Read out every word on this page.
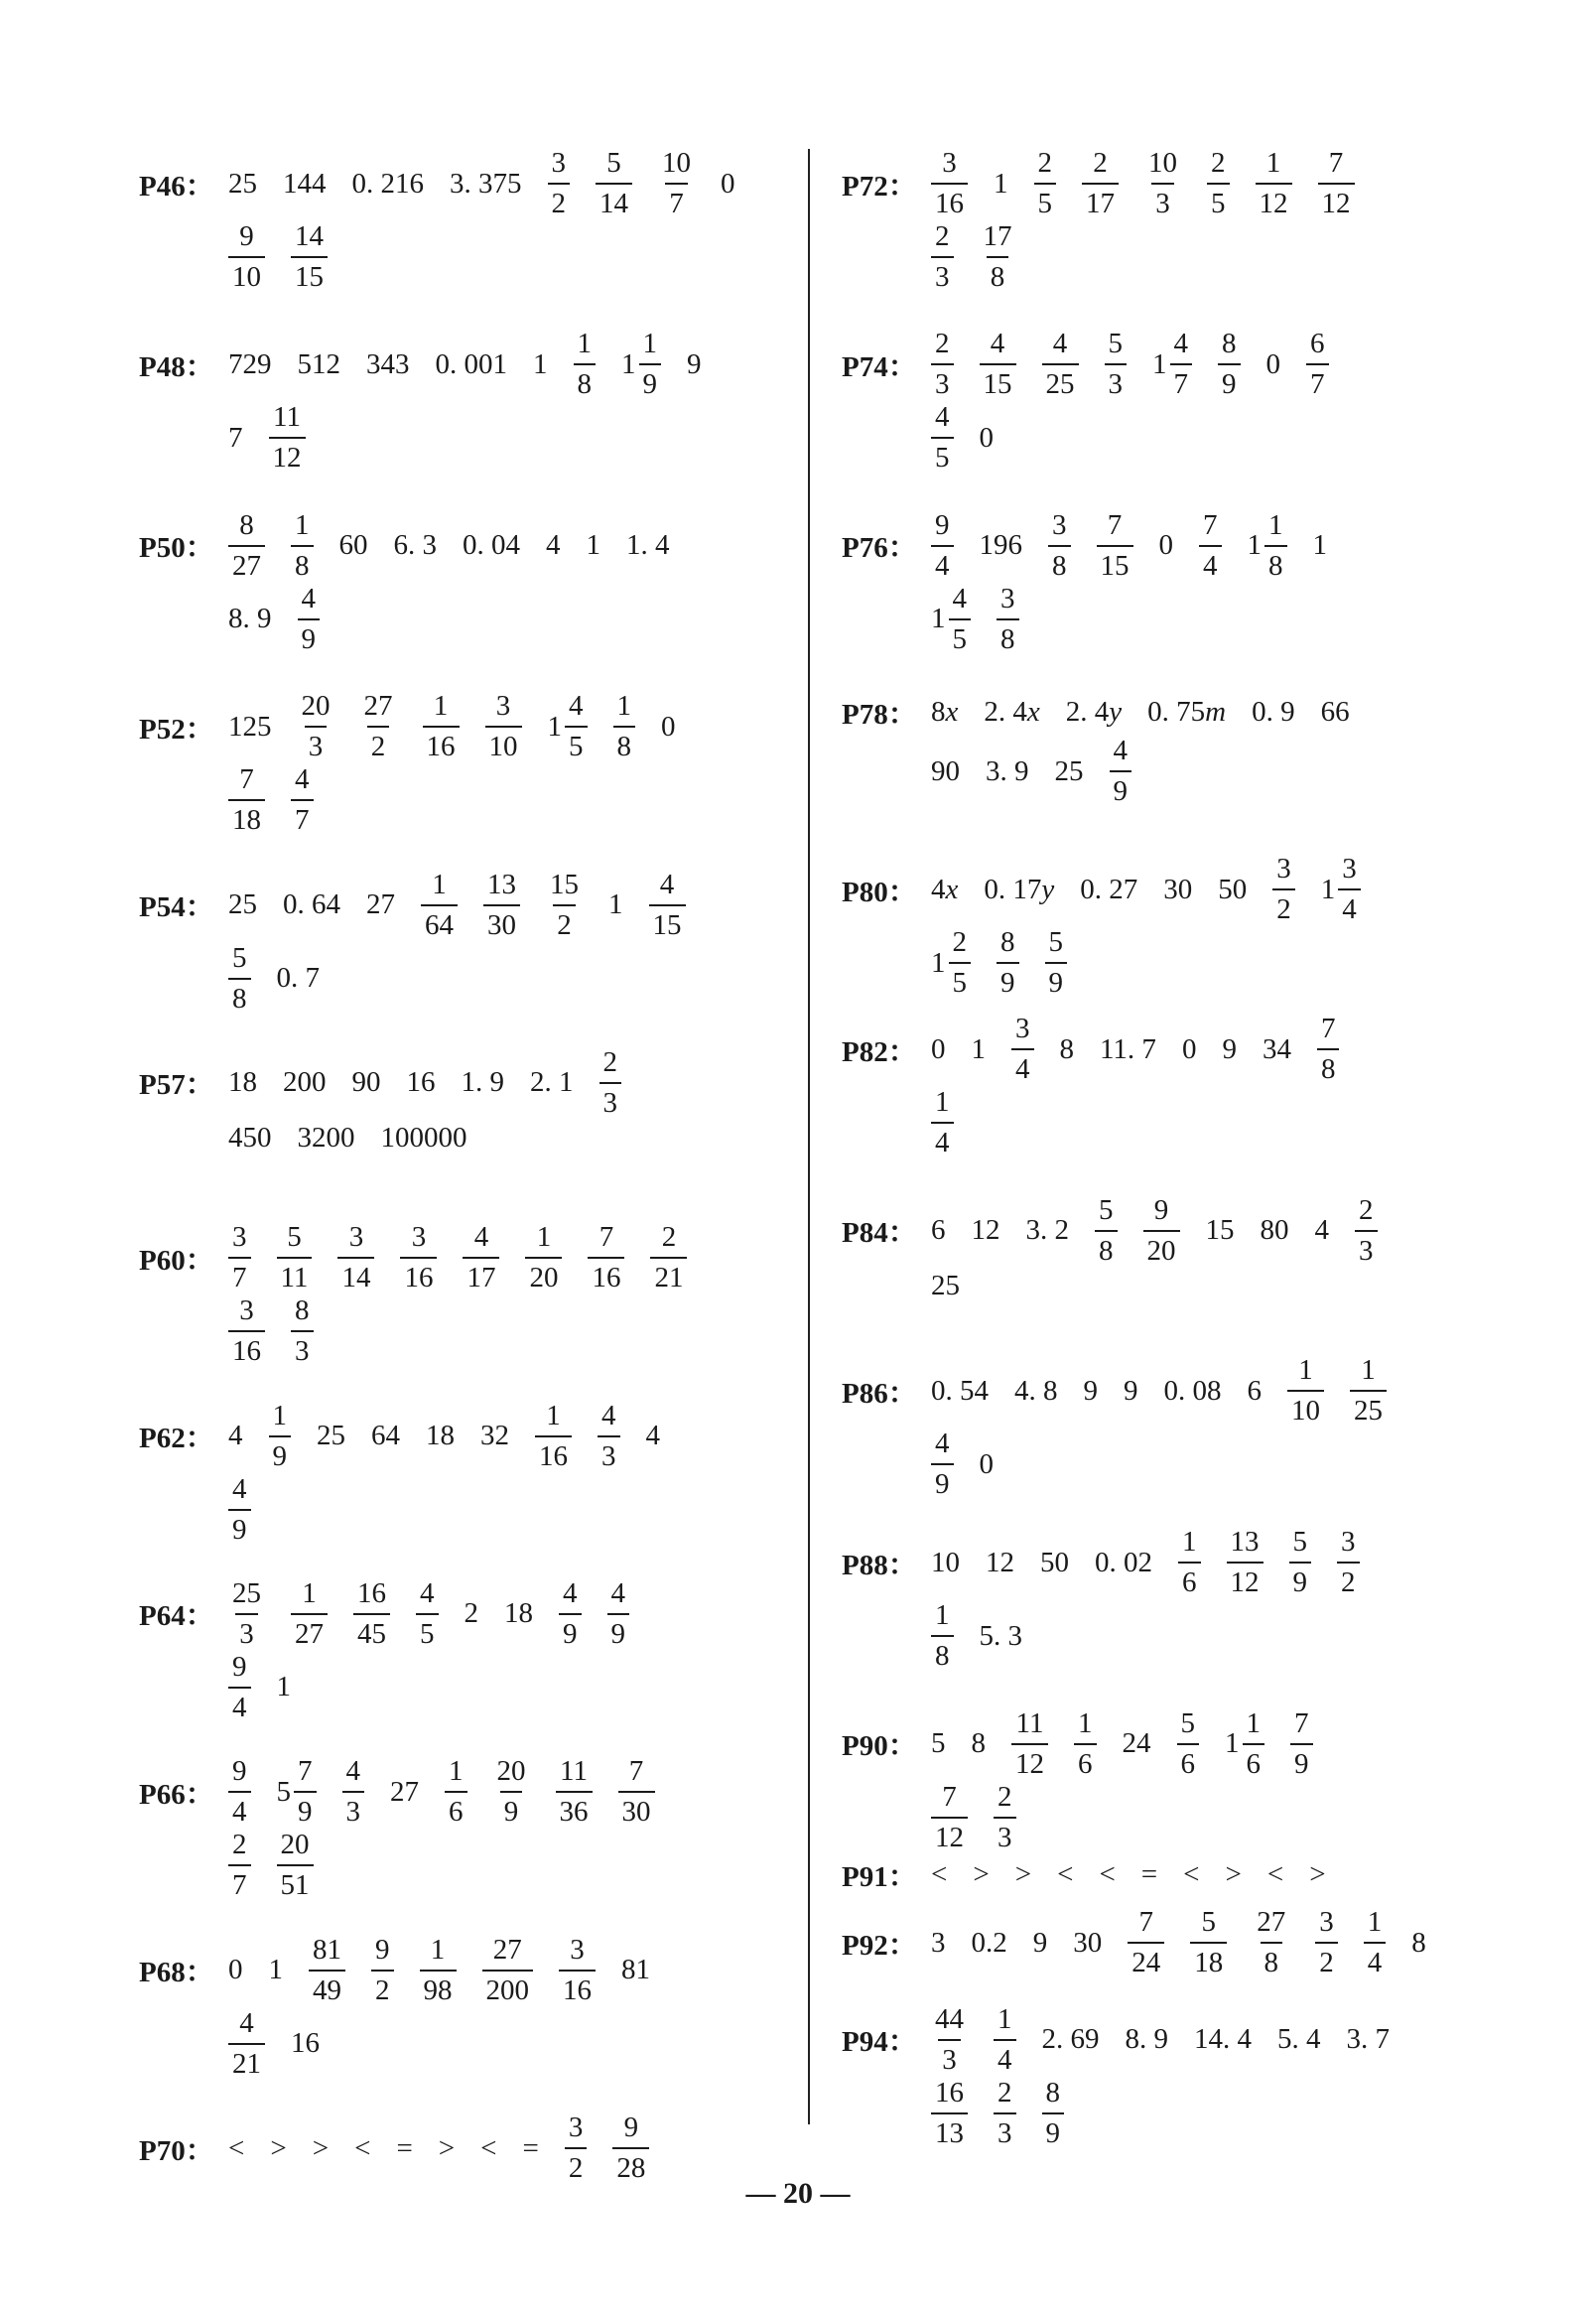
P46： 25 144 0. 216 3. $375 \frac{3}{2} \frac{5}{14} \frac{10}{7} 0$
$\frac{9}{10} \frac{14}{15}$
P48： 729 512 343 0. 001 $1 \frac{1}{8} 1 \frac{1}{9} 9$
$7 \frac{11}{12}$
P50： $\frac{8}{27} \frac{1}{8} 60$ 6. 3 0. 04 4 1 1. 4
8. $9 \frac{4}{9}$
P52： $125 \frac{20}{3} \frac{27}{2} \frac{1}{16} \frac{3}{10} 1 \frac{4}{5} \frac{1}{8} 0$
$\frac{7}{18} \frac{4}{7}$
P54： 25 0. 64 $27 \frac{1}{64} \frac{13}{30} \frac{15}{2} 1 \frac{4}{15}$
$\frac{5}{8} 0$. 7
P57： 18 200 90 16 1. 9 2. $1 \frac{2}{3}$
450 3200 100000
P60： $\frac{3}{7} \frac{5}{11} \frac{3}{14} \frac{3}{16} \frac{4}{17} \frac{1}{20} \frac{7}{16} \frac{2}{21}$
$\frac{3}{16} \frac{8}{3}$
P62： $4 \frac{1}{9} 25$ 64 18 $32 \frac{1}{16} \frac{4}{3} 4$
$\frac{4}{9}$
P64： $\frac{25}{3} \frac{1}{27} \frac{16}{45} \frac{4}{5} 2$ $18 \frac{4}{9} \frac{4}{9}$
$\frac{9}{4} 1$
P66： $\frac{9}{4} 5 \frac{7}{9} \frac{4}{3} 27 \frac{1}{6} \frac{20}{9} \frac{11}{36} \frac{7}{30}$
$\frac{2}{7} \frac{20}{51}$
P68： 0 $1 \frac{81}{49} \frac{9}{2} \frac{1}{98} \frac{27}{200} \frac{3}{16} 81$
$\frac{4}{21} 16$
P70： < > > < = > < = $\frac{3}{2} \frac{9}{28}$
P72： $\frac{3}{16} 1 \frac{2}{5} \frac{2}{17} \frac{10}{3} \frac{2}{5} \frac{1}{12} \frac{7}{12}$
$\frac{2}{3} \frac{17}{8}$
P74： $\frac{2}{3} \frac{4}{15} \frac{4}{25} \frac{5}{3} 1 \frac{4}{7} \frac{8}{9} 0 \frac{6}{7}$
$\frac{4}{5} 0$
P76： $\frac{9}{4} 196 \frac{3}{8} \frac{7}{15} 0 \frac{7}{4} 1 \frac{1}{8} 1$
$1 \frac{4}{5} \frac{3}{8}$
P78： 8 x 2. 4 x 2. 4 y 0. 75 m 0. 9 66
90 3. 9 $25 \frac{4}{9}$
P80： 4 x 0. 17 y 0. 27 30 $50 \frac{3}{2} 1 \frac{3}{4}$
$1 \frac{2}{5} \frac{8}{9} \frac{5}{9}$
P82： 0 $1 \frac{3}{4} 8$ 11. 7 0 9 $34 \frac{7}{8}$
$\frac{1}{4}$
P84： 6 12 3. $2 \frac{5}{8} \frac{9}{20} 15$ 80 $4 \frac{2}{3}$
25
P86： 0. 54 4. 8 9 9 0. 08 $6 \frac{1}{10} \frac{1}{25}$
$\frac{4}{9} 0$
P88： 10 12 50 0. $02 \frac{1}{6} \frac{13}{12} \frac{5}{9} \frac{3}{2}$
$\frac{1}{8} 5$. 3
P90： 5 $8 \frac{11}{12} \frac{1}{6} 24 \frac{5}{6} 1 \frac{1}{6} \frac{7}{9}$
$\frac{7}{12} \frac{2}{3}$
P91： < > > < < = < > < >
P92： 3 0.2 9 $30 \frac{7}{24} \frac{5}{18} \frac{27}{8} \frac{3}{2} \frac{1}{4} 8$
P94： $\frac{44}{3} \frac{1}{4} 2$. 69 8. 9 14. 4 5. 4 3. 7
$\frac{16}{13} \frac{2}{3} \frac{8}{9}$
— 20 —
